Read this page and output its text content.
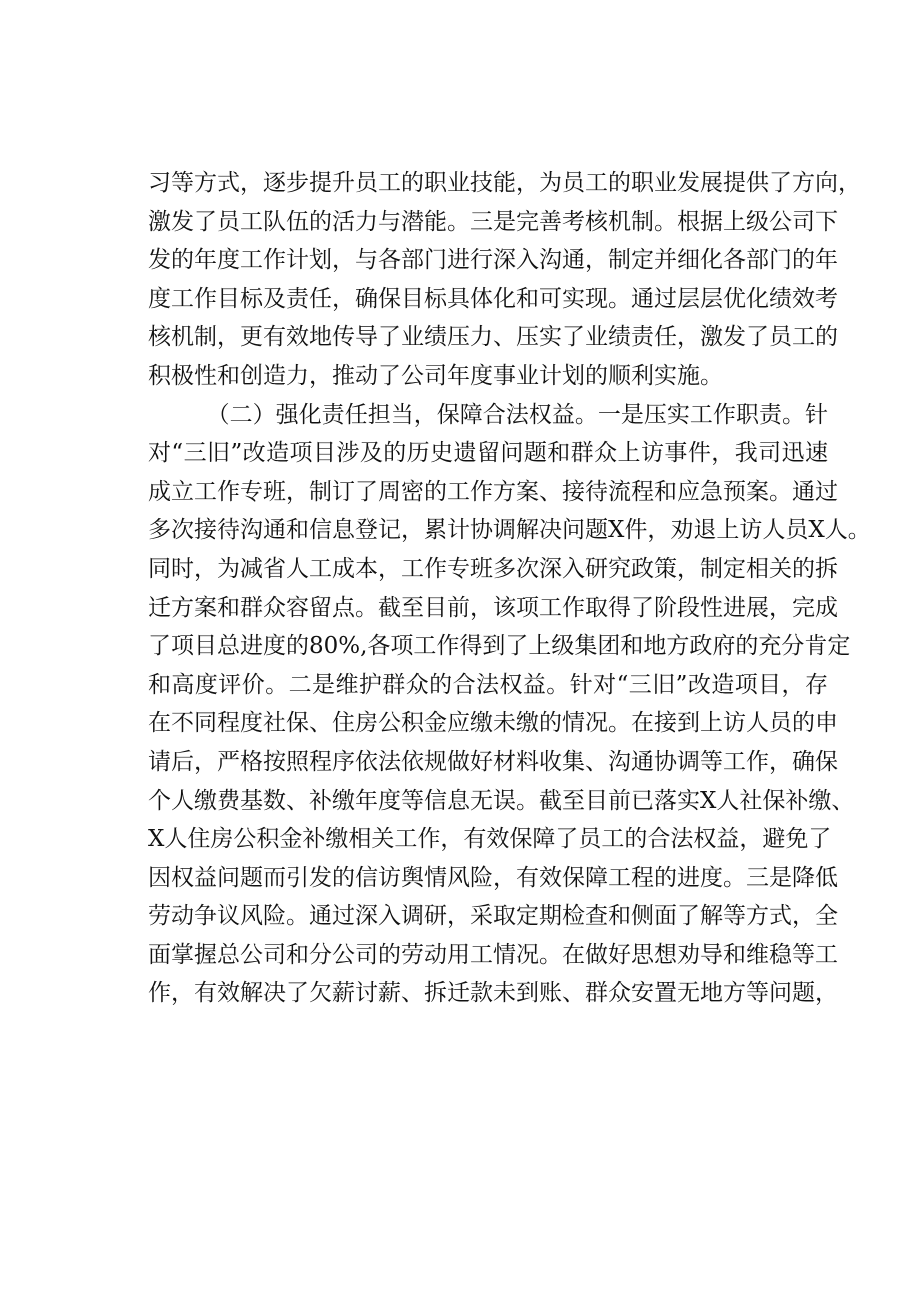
习等方式，逐步提升员工的职业技能，为员工的职业发展提供了方向，
激发了员工队伍的活力与潜能。三是完善考核机制。根据上级公司下
发的年度工作计划，与各部门进行深入沟通，制定并细化各部门的年
度工作目标及责任，确保目标具体化和可实现。通过层层优化绩效考
核机制，更有效地传导了业绩压力、压实了业绩责任，激发了员工的
积极性和创造力，推动了公司年度事业计划的顺利实施。
（二）强化责任担当，保障合法权益。一是压实工作职责。针
对“三旧”改造项目涉及的历史遗留问题和群众上访事件，我司迅速
成立工作专班，制订了周密的工作方案、接待流程和应急预案。通过
多次接待沟通和信息登记，累计协调解决问题X件，劝退上访人员X人。
同时，为减省人工成本，工作专班多次深入研究政策，制定相关的拆
迁方案和群众容留点。截至目前，该项工作取得了阶段性进展，完成
了项目总进度的80%,各项工作得到了上级集团和地方政府的充分肯定
和高度评价。二是维护群众的合法权益。针对“三旧”改造项目，存
在不同程度社保、住房公积金应缴未缴的情况。在接到上访人员的申
请后，严格按照程序依法依规做好材料收集、沟通协调等工作，确保
个人缴费基数、补缴年度等信息无误。截至目前已落实X人社保补缴、
X人住房公积金补缴相关工作，有效保障了员工的合法权益，避免了
因权益问题而引发的信访舆情风险，有效保障工程的进度。三是降低
劳动争议风险。通过深入调研，采取定期检查和侧面了解等方式，全
面掌握总公司和分公司的劳动用工情况。在做好思想劝导和维稳等工
作，有效解决了欠薪讨薪、拆迁款未到账、群众安置无地方等问题，
